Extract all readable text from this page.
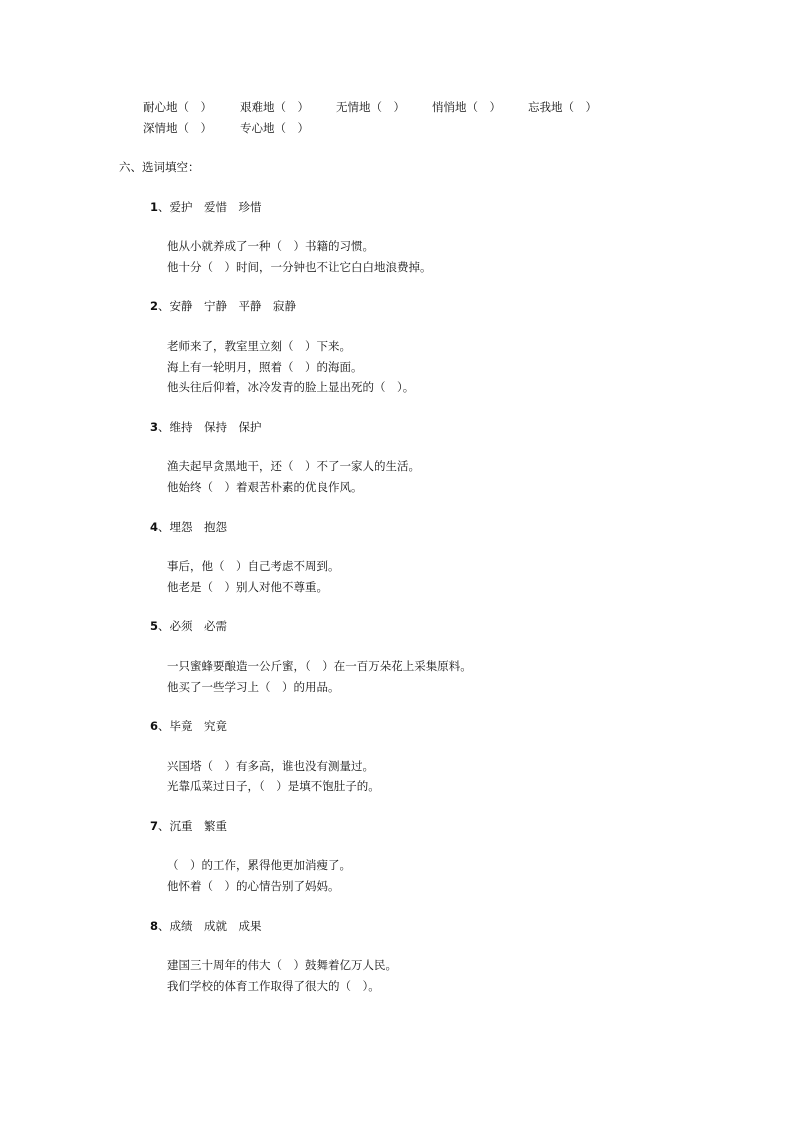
耐心地（　） 艰难地（　） 无情地（　） 悄悄地（　） 忘我地（　）
深情地（　） 专心地（　）
六、选词填空：
1、爱护　爱惜　珍惜
他从小就养成了一种（　）书籍的习惯。
他十分（　）时间，一分钟也不让它白白地浪费掉。
2、安静　宁静　平静　寂静
老师来了，教室里立刻（　）下来。
海上有一轮明月，照着（　）的海面。
他头往后仰着，冰冷发青的脸上显出死的（　）。
3、维持　保持　保护
渔夫起早贪黑地干，还（　）不了一家人的生活。
他始终（　）着艰苦朴素的优良作风。
4、埋怨　抱怨
事后，他（　）自己考虑不周到。
他老是（　）别人对他不尊重。
5、必须　必需
一只蜜蜂要酿造一公斤蜜，（　）在一百万朵花上采集原料。
他买了一些学习上（　）的用品。
6、毕竟　究竟
兴国塔（　）有多高，谁也没有测量过。
光靠瓜菜过日子，（　）是填不饱肚子的。
7、沉重　繁重
（　）的工作，累得他更加消瘦了。
他怀着（　）的心情告别了妈妈。
8、成绩　成就　成果
建国三十周年的伟大（　）鼓舞着亿万人民。
我们学校的体育工作取得了很大的（　）。
